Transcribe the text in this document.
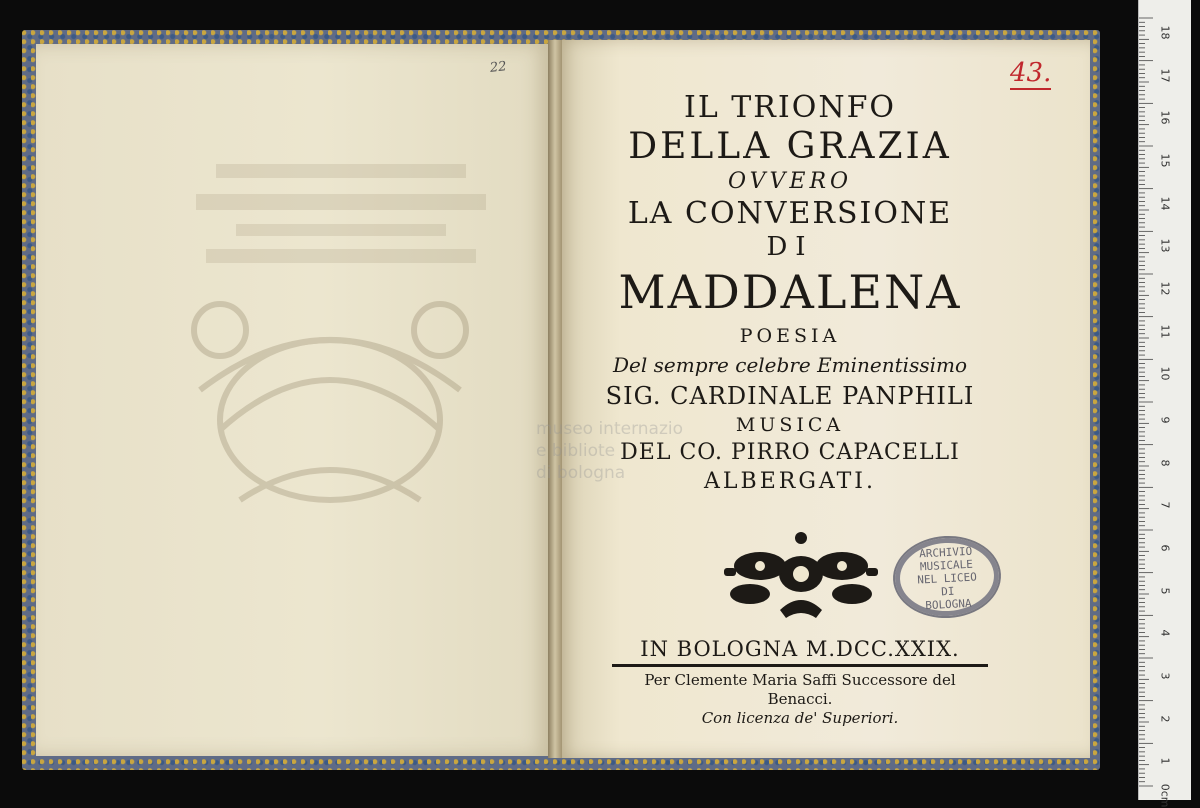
22
museo internazio
e bibliote
di bologna
43.
IL TRIONFO
DELLA GRAZIA
OVVERO
LA CONVERSIONE
DI
MADDALENA
POESIA
Del sempre celebre Eminentissimo
SIG. CARDINALE PANPHILI
MUSICA
DEL CO. PIRRO CAPACELLI
ALBERGATI.
ARCHIVIO
MUSICALE
NEL LICEO
DI
BOLOGNA
IN BOLOGNA M.DCC.XXIX.
Per Clemente Maria Saffi Successore del Benacci.
Con licenza de' Superiori.
18
17
16
15
14
13
12
11
10
9
8
7
6
5
4
3
2
1
0cm
